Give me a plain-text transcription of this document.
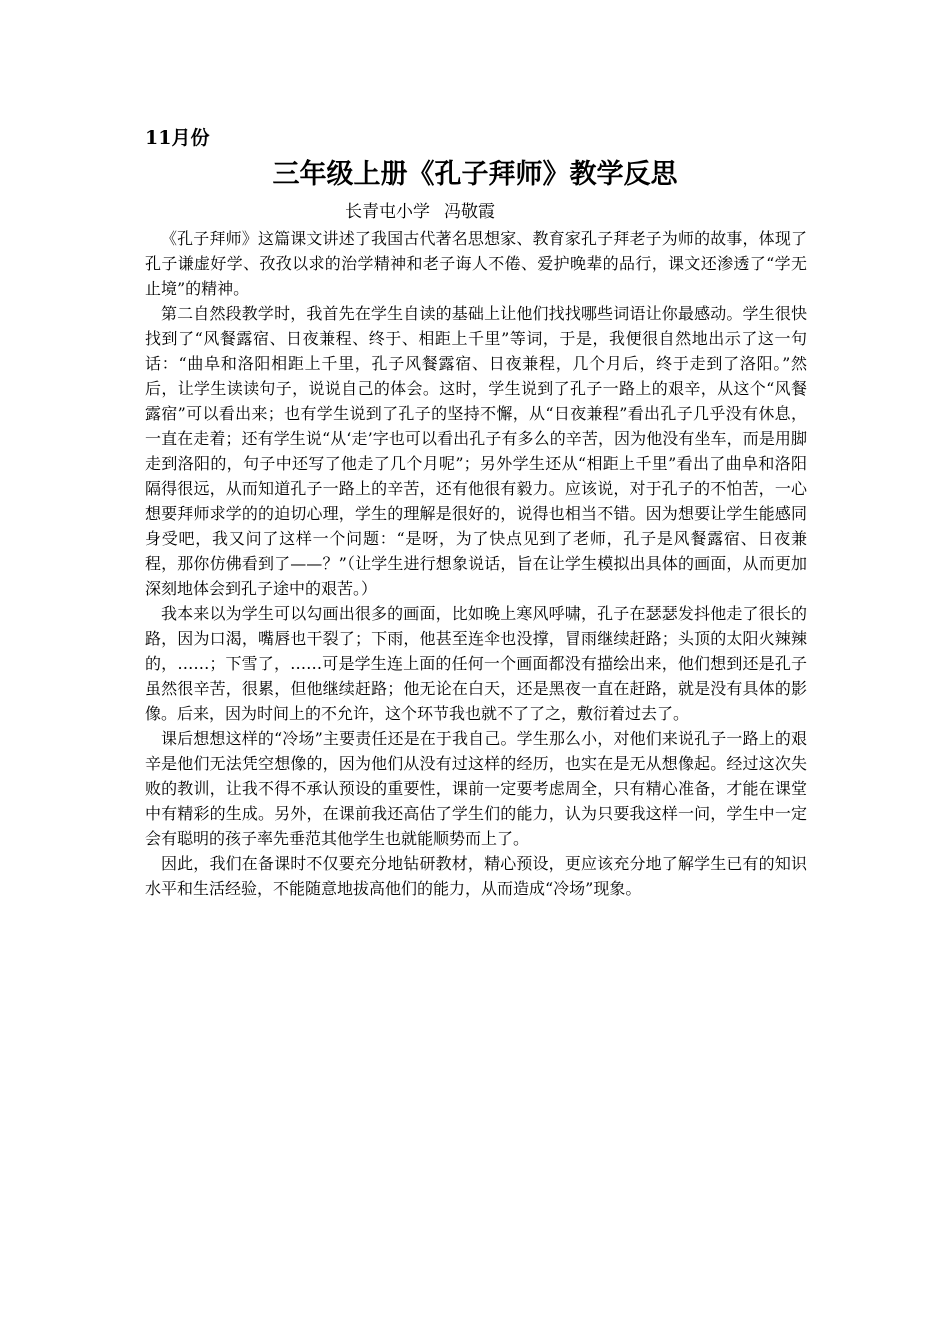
11月份
三年级上册《孔子拜师》教学反思
长青屯小学 冯敬霞

《孔子拜师》这篇课文讲述了我国古代著名思想家、教育家孔子拜老子为师的故事，体现了孔子谦虚好学、孜孜以求的治学精神和老子诲人不倦、爱护晚辈的品行，课文还渗透了“学无止境”的精神。

第二自然段教学时，我首先在学生自读的基础上让他们找找哪些词语让你最感动。学生很快找到了“风餐露宿、日夜兼程、终于、相距上千里”等词，于是，我便很自然地出示了这一句话：“曲阜和洛阳相距上千里，孔子风餐露宿、日夜兼程，几个月后，终于走到了洛阳。”然后，让学生读读句子，说说自己的体会。这时，学生说到了孔子一路上的艰辛，从这个“风餐露宿”可以看出来；也有学生说到了孔子的坚持不懈，从“日夜兼程”看出孔子几乎没有休息，一直在走着；还有学生说“从‘走’字也可以看出孔子有多么的辛苦，因为他没有坐车，而是用脚走到洛阳的，句子中还写了他走了几个月呢”；另外学生还从“相距上千里”看出了曲阜和洛阳隔得很远，从而知道孔子一路上的辛苦，还有他很有毅力。应该说，对于孔子的不怕苦，一心想要拜师求学的的迫切心理，学生的理解是很好的，说得也相当不错。因为想要让学生能感同身受吧，我又问了这样一个问题：“是呀，为了快点见到了老师，孔子是风餐露宿、日夜兼程，那你仿佛看到了——？”（让学生进行想象说话，旨在让学生模拟出具体的画面，从而更加深刻地体会到孔子途中的艰苦。）

我本来以为学生可以勾画出很多的画面，比如晚上寒风呼啸，孔子在瑟瑟发抖他走了很长的路，因为口渴，嘴唇也干裂了；下雨，他甚至连伞也没撑，冒雨继续赶路；头顶的太阳火辣辣的，……；下雪了，……可是学生连上面的任何一个画面都没有描绘出来，他们想到还是孔子虽然很辛苦，很累，但他继续赶路；他无论在白天，还是黑夜一直在赶路，就是没有具体的影像。后来，因为时间上的不允许，这个环节我也就不了了之，敷衍着过去了。

课后想想这样的“冷场”主要责任还是在于我自己。学生那么小，对他们来说孔子一路上的艰辛是他们无法凭空想像的，因为他们从没有过这样的经历，也实在是无从想像起。经过这次失败的教训，让我不得不承认预设的重要性，课前一定要考虑周全，只有精心准备，才能在课堂中有精彩的生成。另外，在课前我还高估了学生们的能力，认为只要我这样一问，学生中一定会有聪明的孩子率先垂范其他学生也就能顺势而上了。

因此，我们在备课时不仅要充分地钻研教材，精心预设，更应该充分地了解学生已有的知识水平和生活经验，不能随意地拔高他们的能力，从而造成“冷场”现象。
